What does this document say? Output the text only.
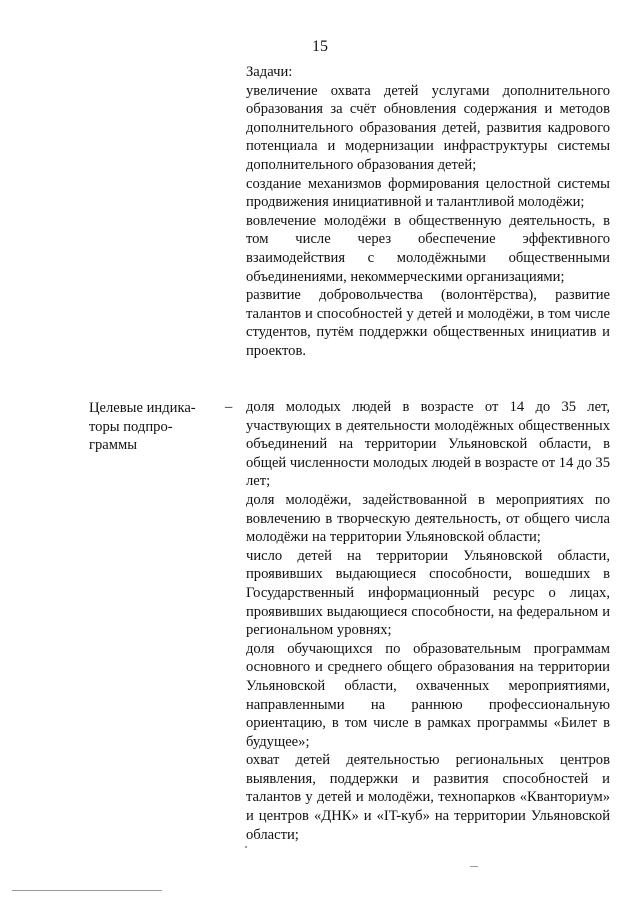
15

Задачи:

увеличение охвата детей услугами дополнительного образования за счёт обновления содержания и методов дополнительного образования детей, развития кадрового потенциала и модернизации инфраструктуры системы дополнительного образования детей;

создание механизмов формирования целостной системы продвижения инициативной и талантливой молодёжи;

вовлечение молодёжи в общественную деятельность, в том числе через обеспечение эффективного взаимодействия с молодёжными общественными объединениями, некоммерческими организациями;

развитие добровольчества (волонтёрства), развитие талантов и способностей у детей и молодёжи, в том числе студентов, путём поддержки общественных инициатив и проектов.

Целевые индика-
торы подпро-
граммы
– доля молодых людей в возрасте от 14 до 35 лет, участвующих в деятельности молодёжных общественных объединений на территории Ульяновской области, в общей численности молодых людей в возрасте от 14 до 35 лет;

доля молодёжи, задействованной в мероприятиях по вовлечению в творческую деятельность, от общего числа молодёжи на территории Ульяновской области;

число детей на территории Ульяновской области, проявивших выдающиеся способности, вошедших в Государственный информационный ресурс о лицах, проявивших выдающиеся способности, на федеральном и региональном уровнях;

доля обучающихся по образовательным программам основного и среднего общего образования на территории Ульяновской области, охваченных мероприятиями, направленными на раннюю профессиональную ориентацию, в том числе в рамках программы «Билет в будущее»;

охват детей деятельностью региональных центров выявления, поддержки и развития способностей и талантов у детей и молодёжи, технопарков «Кванториум» и центров «ДНК» и «IT-куб» на территории Ульяновской области;
